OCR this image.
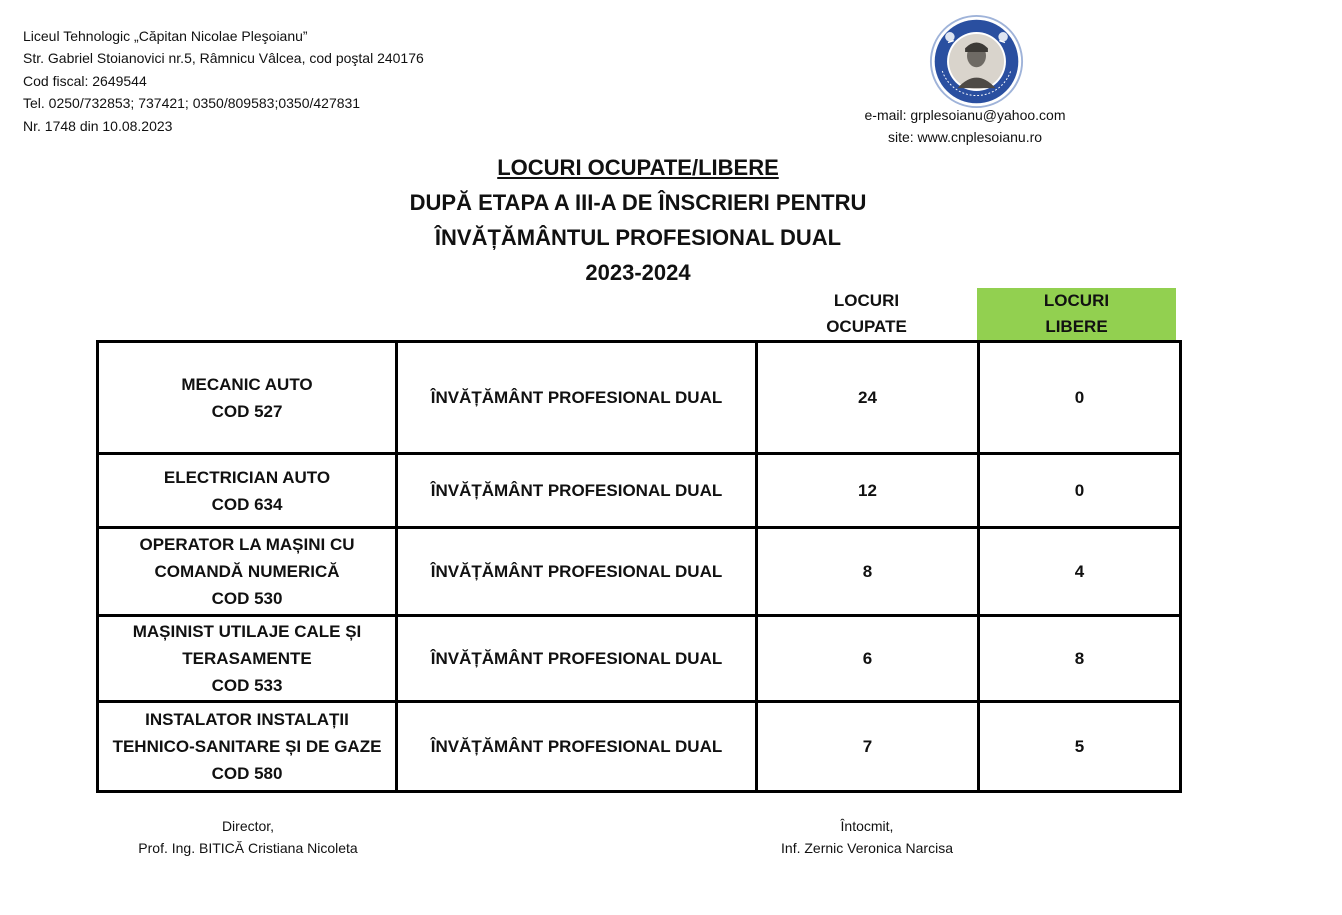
Liceul Tehnologic „Căpitan Nicolae Pleşoianu”
Str. Gabriel Stoianovici nr.5, Râmnicu Vâlcea, cod poştal 240176
Cod fiscal: 2649544
Tel. 0250/732853; 737421; 0350/809583;0350/427831
Nr. 1748 din 10.08.2023
e-mail: grplesoianu@yahoo.com
site: www.cnplesoianu.ro
LOCURI OCUPATE/LIBERE
DUPĂ ETAPA A III-A DE ÎNSCRIERI PENTRU
ÎNVĂȚĂMÂNTUL PROFESIONAL DUAL
2023-2024
LOCURI
OCUPATE
LOCURI
LIBERE
MECANIC AUTO
COD 527	ÎNVĂȚĂMÂNT PROFESIONAL DUAL	24	0

ELECTRICIAN AUTO
COD 634	ÎNVĂȚĂMÂNT PROFESIONAL DUAL	12	0

OPERATOR LA MAȘINI CU
COMANDĂ NUMERICĂ
COD 530	ÎNVĂȚĂMÂNT PROFESIONAL DUAL	8	4

MAȘINIST UTILAJE CALE ȘI
TERASAMENTE
COD 533	ÎNVĂȚĂMÂNT PROFESIONAL DUAL	6	8

INSTALATOR INSTALAȚII
TEHNICO-SANITARE ȘI DE GAZE
COD 580	ÎNVĂȚĂMÂNT PROFESIONAL DUAL	7	5
Director,
Prof. Ing. BITICĂ Cristiana Nicoleta
Întocmit,
Inf. Zernic Veronica Narcisa
